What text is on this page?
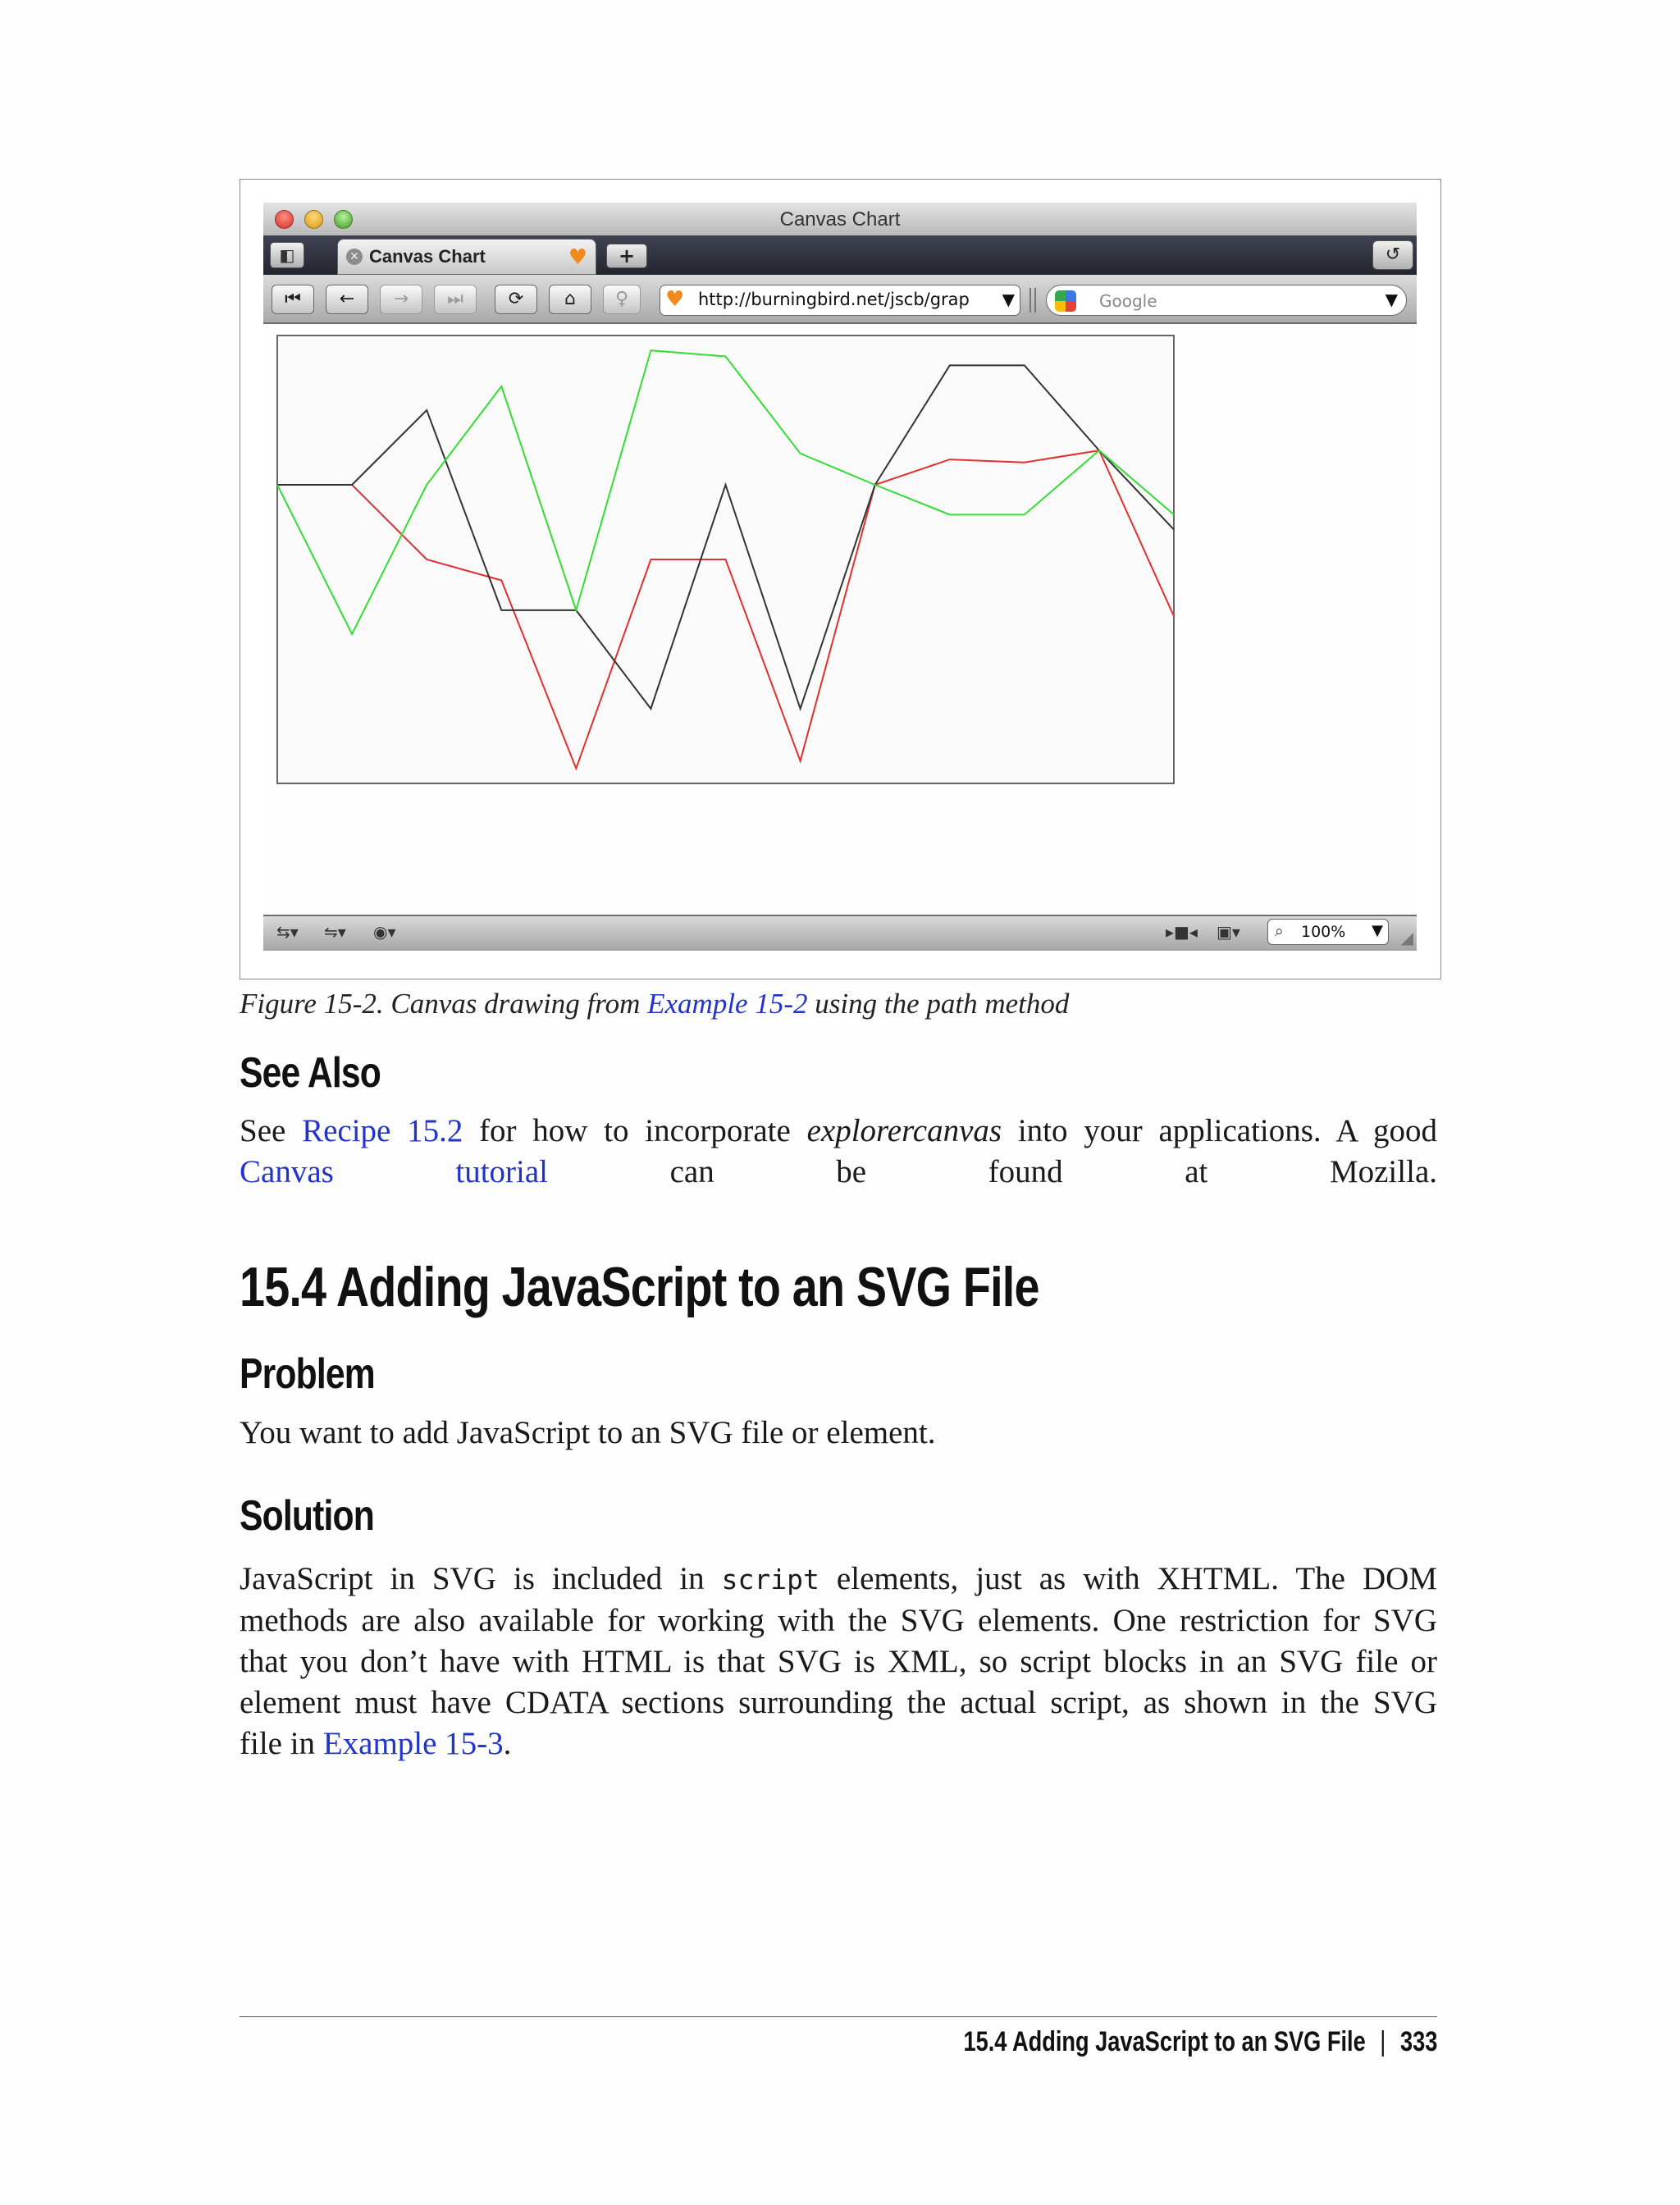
Canvas Chart
◧	✕ Canvas Chart	♥	+	↺
⏮	←	→	⏭	⟳	⌂	♀	♥ http://burningbird.net/jscb/grap ▼	Google	▼
⇆▾ ⇋▾ ◉▾	▸■◂ ▣▾ ⌕ 100% ▼ ◢
Figure 15-2. Canvas drawing from Example 15-2 using the path method
See Also
See Recipe 15.2 for how to incorporate explorercanvas into your applications. A good
Canvas tutorial can be found at Mozilla.
15.4 Adding JavaScript to an SVG File
Problem
You want to add JavaScript to an SVG file or element.
Solution
JavaScript in SVG is included in script elements, just as with XHTML. The DOM
methods are also available for working with the SVG elements. One restriction for SVG
that you don’t have with HTML is that SVG is XML, so script blocks in an SVG file or
element must have CDATA sections surrounding the actual script, as shown in the SVG
file in Example 15-3.
15.4 Adding JavaScript to an SVG File | 333
